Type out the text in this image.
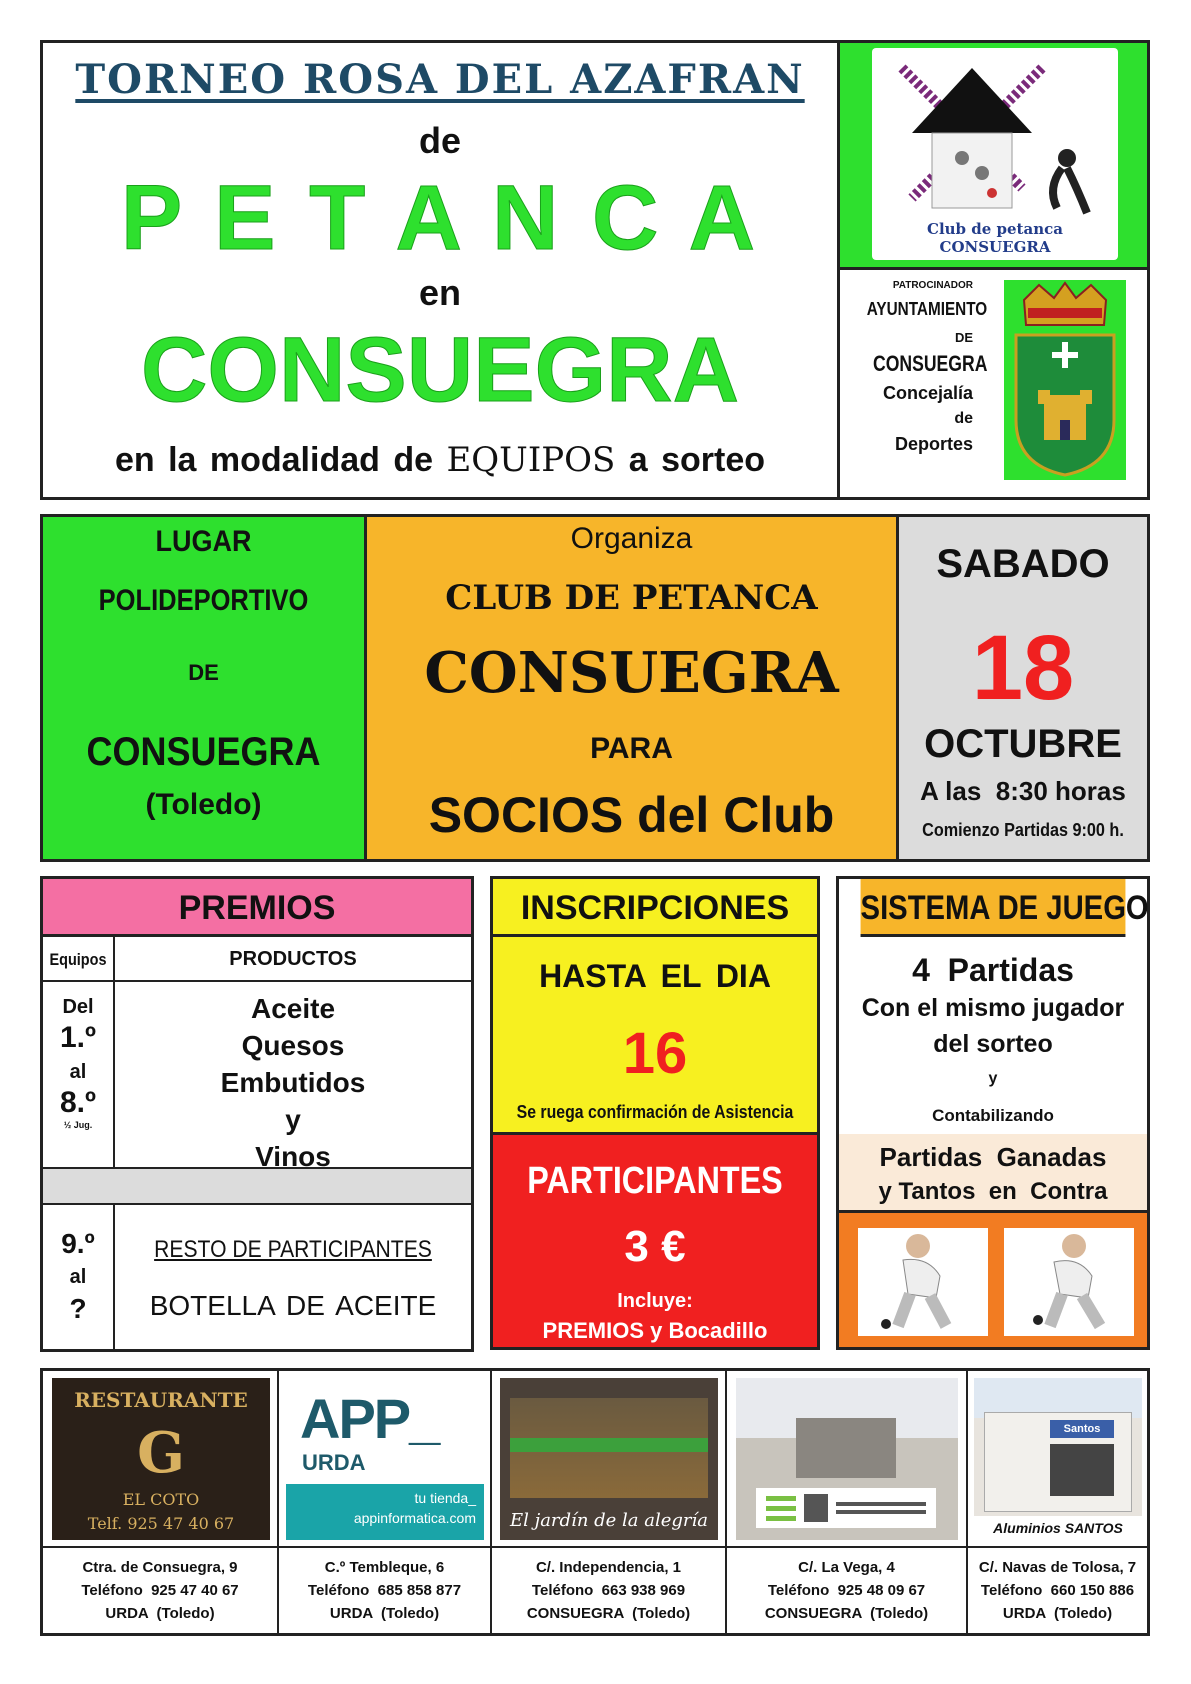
TORNEO ROSA DEL AZAFRAN
de
P E T A N C A
en
CONSUEGRA
en la modalidad de EQUIPOS a sorteo
Club de petanca
CONSUEGRA
PATROCINADOR
AYUNTAMIENTO
DE
CONSUEGRA
Concejalía
de
Deportes
LUGAR
POLIDEPORTIVO
DE
CONSUEGRA
(Toledo)
Organiza
CLUB DE PETANCA
CONSUEGRA
PARA
SOCIOS del Club
SABADO
18
OCTUBRE
A las  8:30 horas
Comienzo Partidas 9:00 h.
PREMIOS
Equipos	PRODUCTOS
Del
1.º
al
8.º
½ Jug.
Aceite
Quesos
Embutidos
y
Vinos
9.º
al
?
RESTO DE PARTICIPANTES
BOTELLA DE ACEITE
INSCRIPCIONES
HASTA EL DIA
16
Se ruega confirmación de Asistencia
PARTICIPANTES
3 €
Incluye:
PREMIOS y Bocadillo
SISTEMA DE JUEGO
4  Partidas
Con el mismo jugador
del sorteo
y
Contabilizando
Partidas  Ganadas
y Tantos  en  Contra
RESTAURANTE
G
EL COTO
Telf. 925 47 40 67
APP_
URDA
tu tienda_
appinformatica.com	El jardín de la alegría
Santos
Aluminios SANTOS
Ctra. de Consuegra, 9
Teléfono  925 47 40 67
URDA  (Toledo)
C.º Tembleque, 6
Teléfono  685 858 877
URDA  (Toledo)
C/. Independencia, 1
Teléfono  663 938 969
CONSUEGRA  (Toledo)
C/. La Vega, 4
Teléfono  925 48 09 67
CONSUEGRA  (Toledo)
C/. Navas de Tolosa, 7
Teléfono  660 150 886
URDA  (Toledo)
